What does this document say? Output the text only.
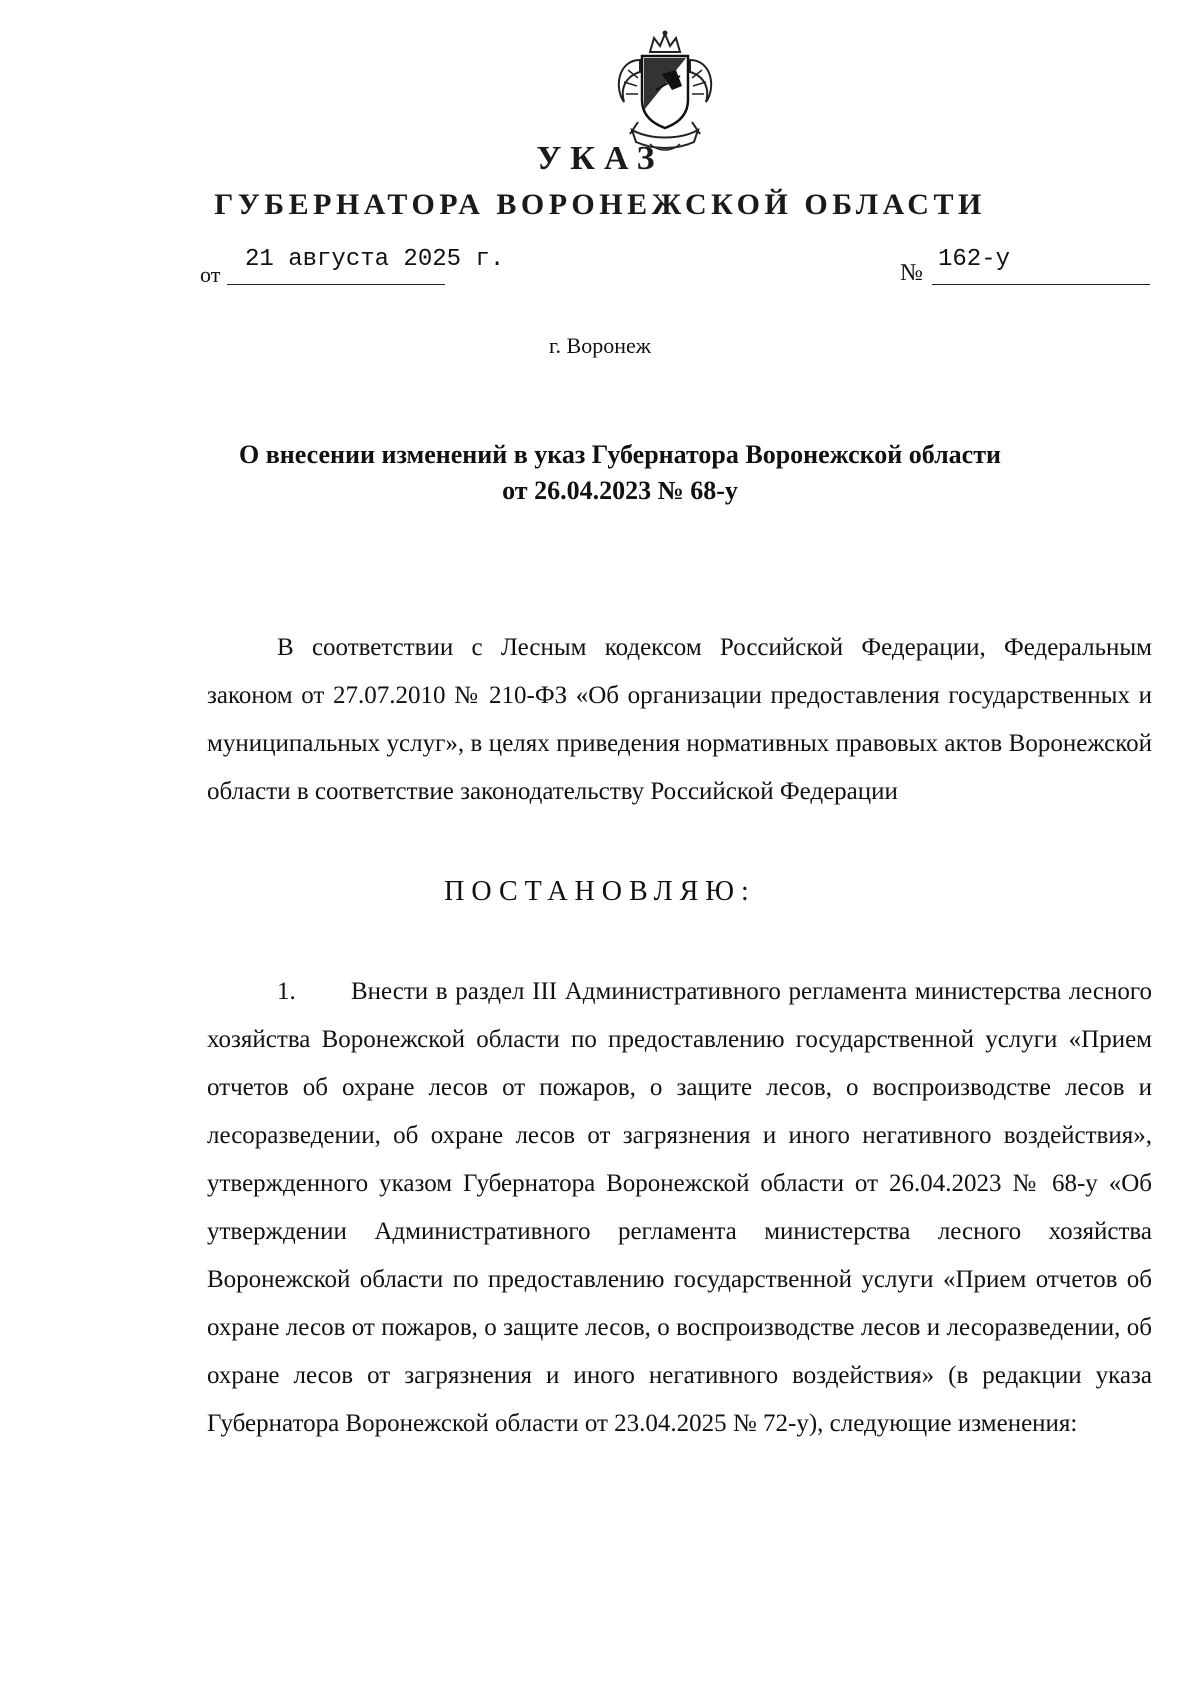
УКАЗ
ГУБЕРНАТОРА ВОРОНЕЖСКОЙ ОБЛАСТИ
от
21 августа 2025 г.	№ 162-у
г. Воронеж
О внесении изменений в указ Губернатора Воронежской области
от 26.04.2023 № 68-у
В соответствии с Лесным кодексом Российской Федерации, Федеральным законом от 27.07.2010 № 210-ФЗ «Об организации предоставления государственных и муниципальных услуг», в целях приведения нормативных правовых актов Воронежской области в соответствие законодательству Российской Федерации
ПОСТАНОВЛЯЮ:
1. Внести в раздел III Административного регламента министерства лесного хозяйства Воронежской области по предоставлению государственной услуги «Прием отчетов об охране лесов от пожаров, о защите лесов, о воспроизводстве лесов и лесоразведении, об охране лесов от загрязнения и иного негативного воздействия», утвержденного указом Губернатора Воронежской области от 26.04.2023 № 68-у «Об утверждении Административного регламента министерства лесного хозяйства Воронежской области по предоставлению государственной услуги «Прием отчетов об охране лесов от пожаров, о защите лесов, о воспроизводстве лесов и лесоразведении, об охране лесов от загрязнения и иного негативного воздействия» (в редакции указа Губернатора Воронежской области от 23.04.2025 № 72-у), следующие изменения:
